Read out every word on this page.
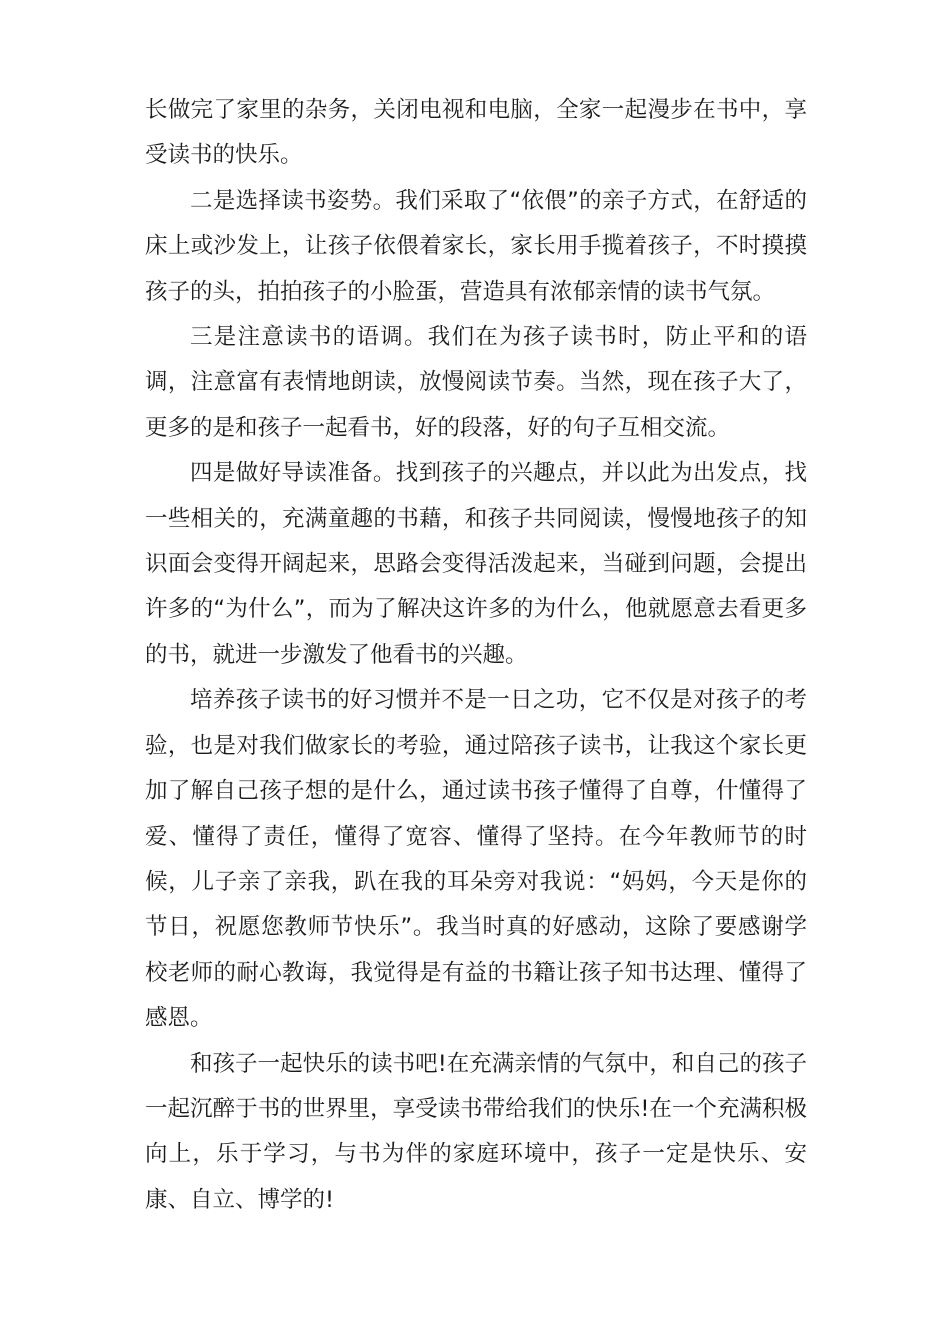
长做完了家里的杂务，关闭电视和电脑，全家一起漫步在书中，享受读书的快乐。

二是选择读书姿势。我们采取了“依偎”的亲子方式，在舒适的床上或沙发上，让孩子依偎着家长，家长用手揽着孩子，不时摸摸孩子的头，拍拍孩子的小脸蛋，营造具有浓郁亲情的读书气氛。

三是注意读书的语调。我们在为孩子读书时，防止平和的语调，注意富有表情地朗读，放慢阅读节奏。当然，现在孩子大了，更多的是和孩子一起看书，好的段落，好的句子互相交流。

四是做好导读准备。找到孩子的兴趣点，并以此为出发点，找一些相关的，充满童趣的书藉，和孩子共同阅读，慢慢地孩子的知识面会变得开阔起来，思路会变得活泼起来，当碰到问题，会提出许多的“为什么”，而为了解决这许多的为什么，他就愿意去看更多的书，就进一步激发了他看书的兴趣。

培养孩子读书的好习惯并不是一日之功，它不仅是对孩子的考验，也是对我们做家长的考验，通过陪孩子读书，让我这个家长更加了解自己孩子想的是什么，通过读书孩子懂得了自尊，什懂得了爱、懂得了责任，懂得了宽容、懂得了坚持。在今年教师节的时候，儿子亲了亲我，趴在我的耳朵旁对我说：“妈妈，今天是你的节日，祝愿您教师节快乐”。我当时真的好感动，这除了要感谢学校老师的耐心教诲，我觉得是有益的书籍让孩子知书达理、懂得了感恩。

和孩子一起快乐的读书吧!在充满亲情的气氛中，和自己的孩子一起沉醉于书的世界里，享受读书带给我们的快乐!在一个充满积极向上，乐于学习，与书为伴的家庭环境中，孩子一定是快乐、安康、自立、博学的!
